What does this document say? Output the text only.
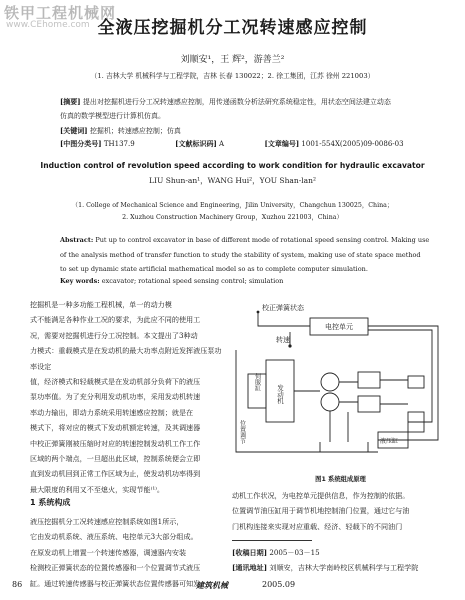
铁甲工程机械网
www.CEhome.com 全液压挖掘机分工况转速感应控制
刘顺安¹，王 辉²，游善兰²
（1. 吉林大学 机械科学与工程学院，吉林 长春 130022；2. 徐工集团，江苏 徐州 221003）
[摘要] 提出对挖掘机进行分工况转速感应控制，用传递函数分析法研究系统稳定性，用状态空间法建立动态
仿真的数学模型进行计算机仿真。
[关键词] 挖掘机；转速感应控制；仿真
[中图分类号] TH137.9	[文献标识码] A	[文章编号] 1001-554X(2005)09-0086-03
Induction control of revolution speed according to work condition for hydraulic excavator
LIU Shun-an¹，WANG Hui²，YOU Shan-lan²
（1. College of Mechanical Science and Engineering，Jilin University，Changchun 130025，China；
2. Xuzhou Construction Machinery Group，Xuzhou 221003，China）
Abstract: Put up to control excavator in base of different mode of rotational speed sensing control. Making use
of the analysis method of transfer function to study the stability of system, making use of state space method
to set up dynamic state artificial mathematical model so as to complete computer simulation.
Key words: excavator; rotational speed sensing control; simulation
挖掘机是一种多功能工程机械，单一的动力模
式不能满足各种作业工况的要求，为此应不同的使用工
况，需要对挖掘机进行分工况控制。本文提出了3种动
力模式：重载模式是在发动机的最大功率点附近发挥液压泵功率设定
值，经济模式和轻载模式是在发动机部分负荷下的液压
泵功率值。为了充分利用发动机功率，采用发动机转速
率动力输出，即动力系统采用转速感应控制；就是在
模式下，将对应的模式下发动机额定转速，及其调速器
中校正弹簧刚被压缩时对应的转速控制发动机工作工作
区域的两个端点，一旦超出此区域，控制系统便会立即
直到发动机回到正常工作区域为止，使发动机功率得到
最大限度的利用又不至熄火，实现节能⁽¹⁾。
1 系统构成
液压挖掘机分工况转速感应控制系统如图1所示，
它由发动机系统、液压系统、电控单元3大部分组成。
在原发动机上增置一个转速传感器，调速器内安装
检测校正弹簧状态的位置传感器和一个位置调节式液压
缸。通过转速传感器与校正弹簧状态位置传感器可知发
校正弹簧状态
转速
电控单元
发动机
伺服缸
位置调节	液压缸
图1 系统组成原理
动机工作状况，为电控单元提供信息，作为控制的依据。
位置调节油压缸用于调节机地控制油门位置，通过它与油
门机构连接来实现对应重载、经济、轻载下的不同油门
[收稿日期] 2005－03－15
[通讯地址] 刘顺安，吉林大学南岭校区机械科学与工程学院
86	建筑机械	2005.09
